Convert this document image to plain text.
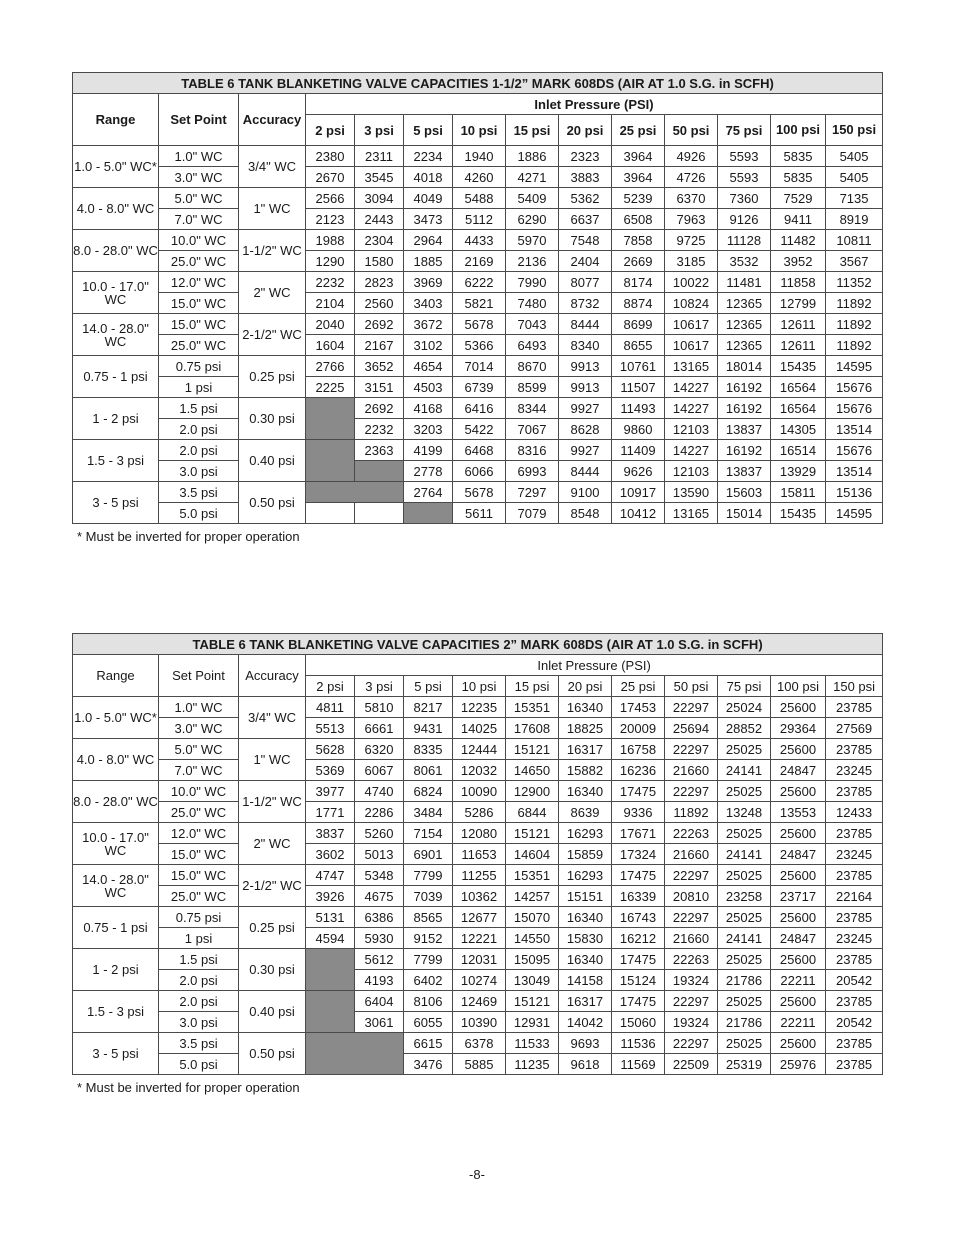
TABLE 6 TANK BLANKETING VALVE CAPACITIES 1-1/2” MARK 608DS (AIR AT 1.0 S.G. in SCFH)													
Range	Set Point	Accuracy	Inlet Pressure (PSI)										
			2 psi	3 psi	5 psi	10 psi	15 psi	20 psi	25 psi	50 psi	75 psi	100 psi	150 psi
1.0 - 5.0" WC*	1.0" WC	3/4" WC	2380	2311	2234	1940	1886	2323	3964	4926	5593	5835	5405
	3.0" WC		2670	3545	4018	4260	4271	3883	3964	4726	5593	5835	5405
4.0 - 8.0" WC	5.0" WC	1" WC	2566	3094	4049	5488	5409	5362	5239	6370	7360	7529	7135
	7.0" WC		2123	2443	3473	5112	6290	6637	6508	7963	9126	9411	8919
8.0 - 28.0" WC	10.0" WC	1-1/2" WC	1988	2304	2964	4433	5970	7548	7858	9725	11128	11482	10811
	25.0" WC		1290	1580	1885	2169	2136	2404	2669	3185	3532	3952	3567
10.0 - 17.0" WC	12.0" WC	2" WC	2232	2823	3969	6222	7990	8077	8174	10022	11481	11858	11352
	15.0" WC		2104	2560	3403	5821	7480	8732	8874	10824	12365	12799	11892
14.0 - 28.0" WC	15.0" WC	2-1/2" WC	2040	2692	3672	5678	7043	8444	8699	10617	12365	12611	11892
	25.0" WC		1604	2167	3102	5366	6493	8340	8655	10617	12365	12611	11892
0.75 - 1 psi	0.75 psi	0.25 psi	2766	3652	4654	7014	8670	9913	10761	13165	18014	15435	14595
	1 psi		2225	3151	4503	6739	8599	9913	11507	14227	16192	16564	15676
1 - 2 psi	1.5 psi	0.30 psi		2692	4168	6416	8344	9927	11493	14227	16192	16564	15676
	2.0 psi			2232	3203	5422	7067	8628	9860	12103	13837	14305	13514
1.5 - 3 psi	2.0 psi	0.40 psi		2363	4199	6468	8316	9927	11409	14227	16192	16514	15676
	3.0 psi				2778	6066	6993	8444	9626	12103	13837	13929	13514
3 - 5 psi	3.5 psi	0.50 psi			2764	5678	7297	9100	10917	13590	15603	15811	15136
	5.0 psi					5611	7079	8548	10412	13165	15014	15435	14595
* Must be inverted for proper operation
TABLE 6 TANK BLANKETING VALVE CAPACITIES 2” MARK 608DS (AIR AT 1.0 S.G. in SCFH)													
Range	Set Point	Accuracy	Inlet Pressure (PSI)										
			2 psi	3 psi	5 psi	10 psi	15 psi	20 psi	25 psi	50 psi	75 psi	100 psi	150 psi
1.0 - 5.0" WC*	1.0" WC	3/4" WC	4811	5810	8217	12235	15351	16340	17453	22297	25024	25600	23785
	3.0" WC		5513	6661	9431	14025	17608	18825	20009	25694	28852	29364	27569
4.0 - 8.0" WC	5.0" WC	1" WC	5628	6320	8335	12444	15121	16317	16758	22297	25025	25600	23785
	7.0" WC		5369	6067	8061	12032	14650	15882	16236	21660	24141	24847	23245
8.0 - 28.0" WC	10.0" WC	1-1/2" WC	3977	4740	6824	10090	12900	16340	17475	22297	25025	25600	23785
	25.0" WC		1771	2286	3484	5286	6844	8639	9336	11892	13248	13553	12433
10.0 - 17.0" WC	12.0" WC	2" WC	3837	5260	7154	12080	15121	16293	17671	22263	25025	25600	23785
	15.0" WC		3602	5013	6901	11653	14604	15859	17324	21660	24141	24847	23245
14.0 - 28.0" WC	15.0" WC	2-1/2" WC	4747	5348	7799	11255	15351	16293	17475	22297	25025	25600	23785
	25.0" WC		3926	4675	7039	10362	14257	15151	16339	20810	23258	23717	22164
0.75 - 1 psi	0.75 psi	0.25 psi	5131	6386	8565	12677	15070	16340	16743	22297	25025	25600	23785
	1 psi		4594	5930	9152	12221	14550	15830	16212	21660	24141	24847	23245
1 - 2 psi	1.5 psi	0.30 psi		5612	7799	12031	15095	16340	17475	22263	25025	25600	23785
	2.0 psi			4193	6402	10274	13049	14158	15124	19324	21786	22211	20542
1.5 - 3 psi	2.0 psi	0.40 psi		6404	8106	12469	15121	16317	17475	22297	25025	25600	23785
	3.0 psi			3061	6055	10390	12931	14042	15060	19324	21786	22211	20542
3 - 5 psi	3.5 psi	0.50 psi			6615	6378	11533	9693	11536	22297	25025	25600	23785
	5.0 psi				3476	5885	11235	9618	11569	22509	25319	25976	23785
* Must be inverted for proper operation
-8-
